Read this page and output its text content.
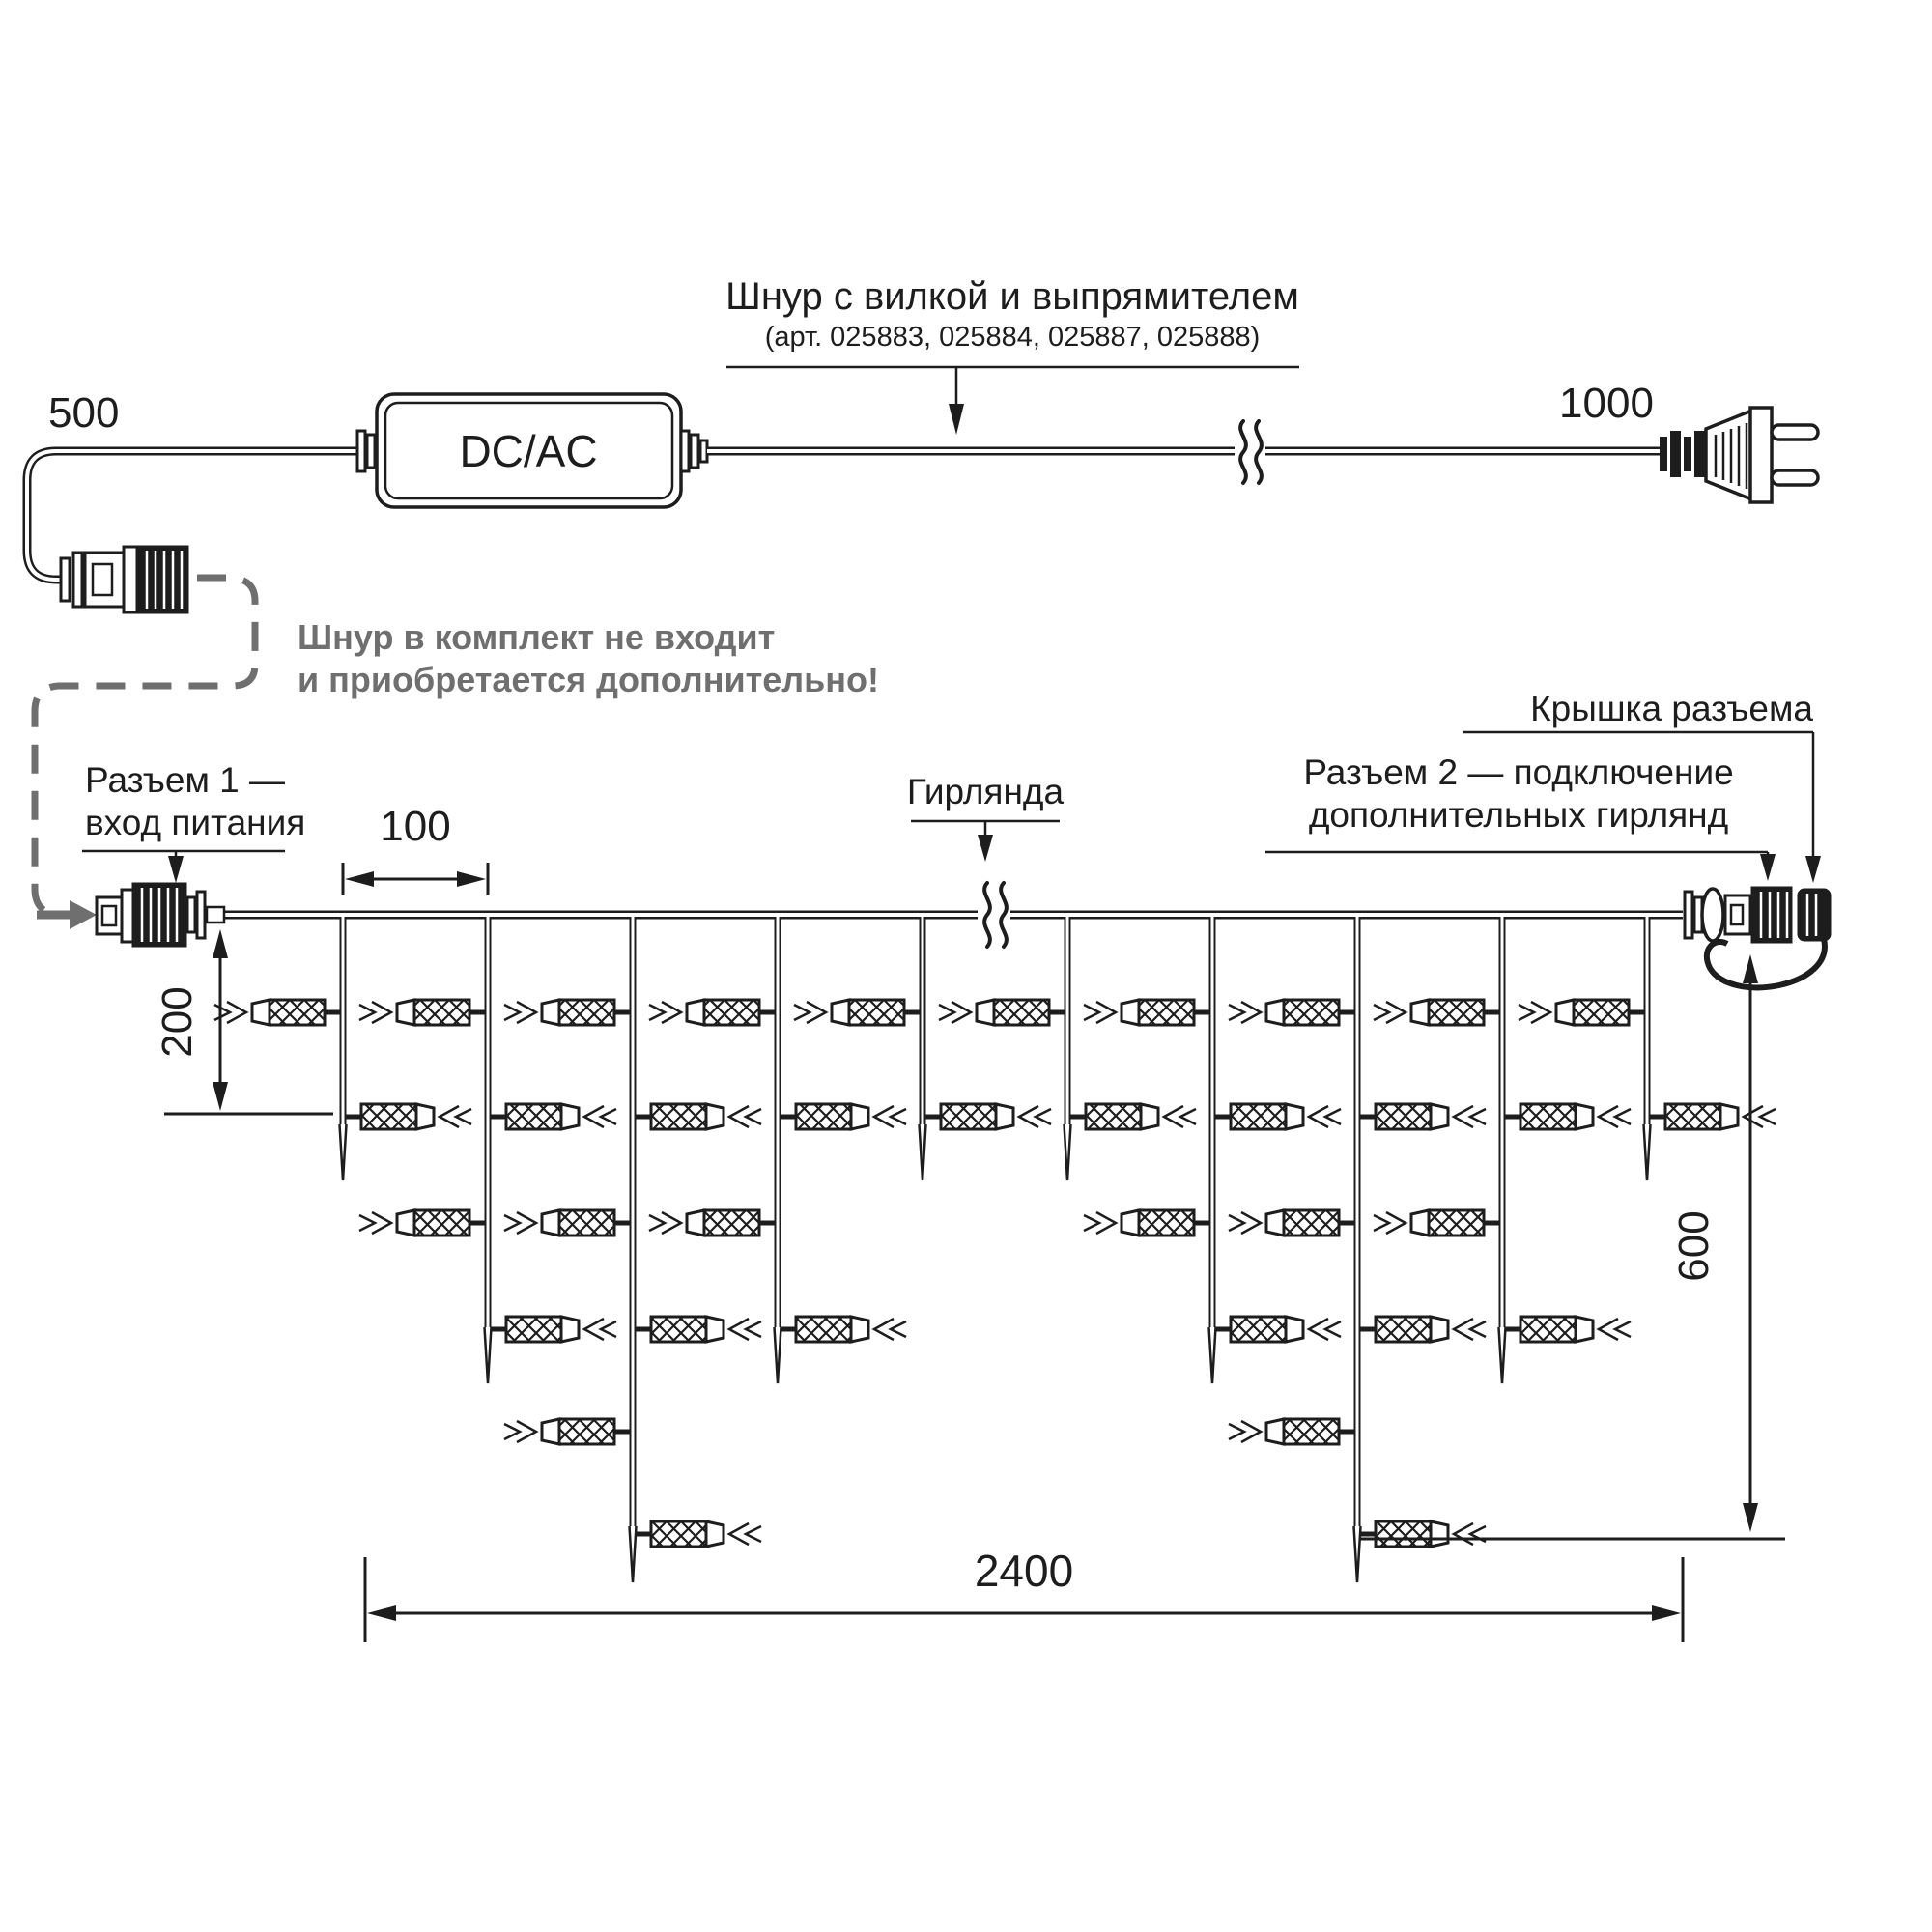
500
DC/AC
1000
Шнур с вилкой и выпрямителем
(арт. 025883, 025884, 025887, 025888)
Шнур в комплект не входит
и приобретается дополнительно!
Разъем 1 —
вход питания
Гирлянда
Крышка разъема
Разъем 2 — подключение
дополнительных гирлянд
100
200
600
2400
